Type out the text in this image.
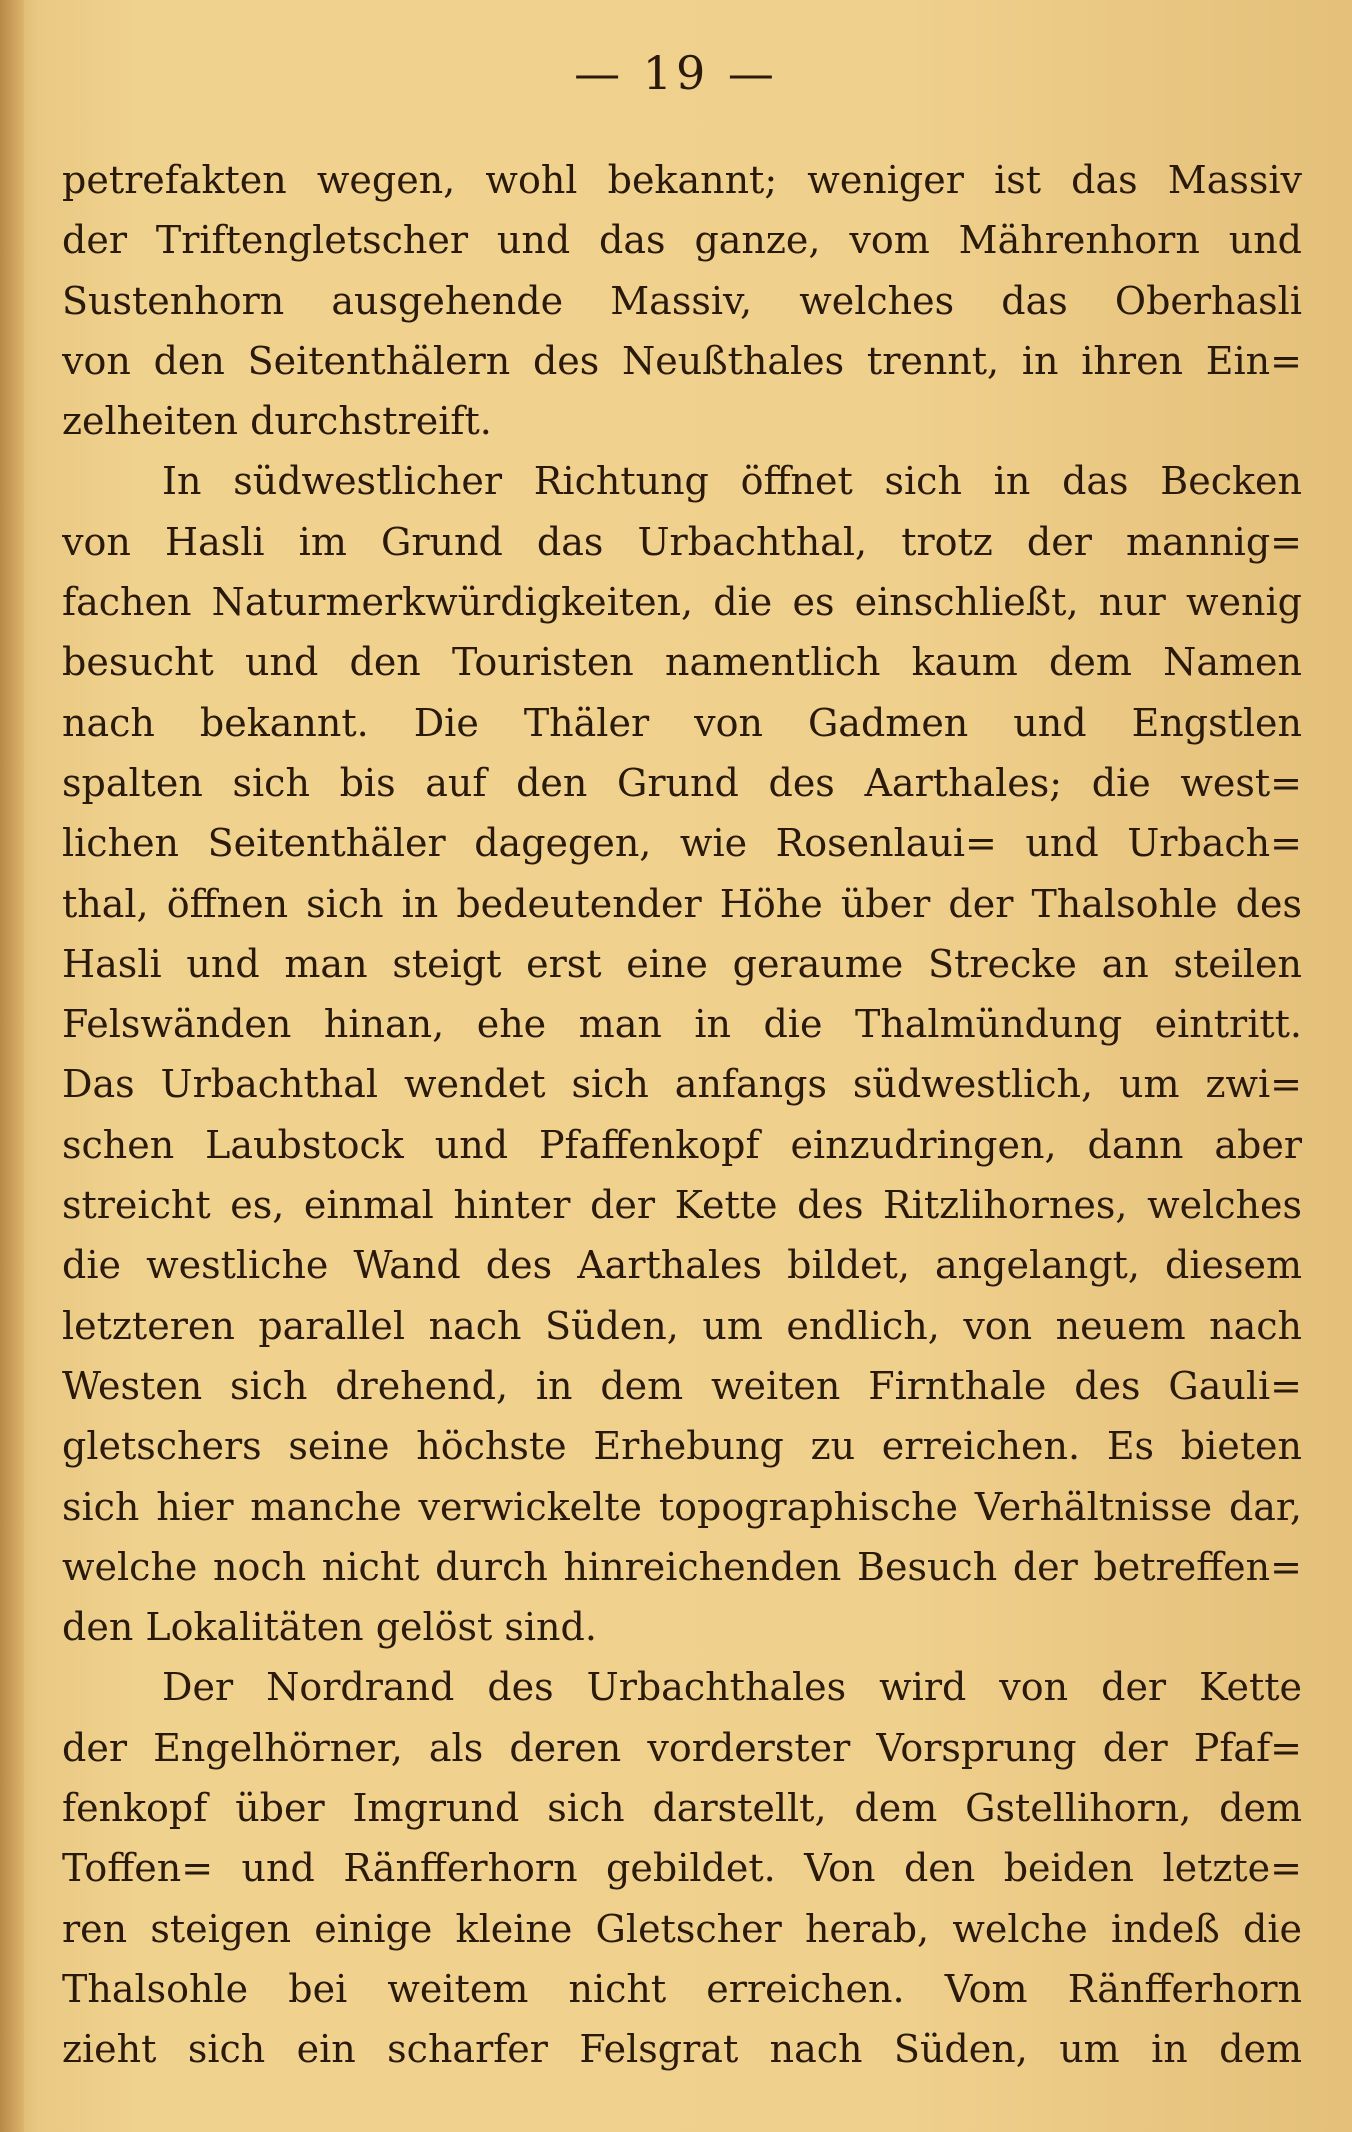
— 19 —
petrefakten wegen, wohl bekannt; weniger ist das Massiv
der Triftengletscher und das ganze, vom Mährenhorn und
Sustenhorn ausgehende Massiv, welches das Oberhasli
von den Seitenthälern des Neußthales trennt, in ihren Ein=
zelheiten durchstreift.
In südwestlicher Richtung öffnet sich in das Becken
von Hasli im Grund das Urbachthal, trotz der mannig=
fachen Naturmerkwürdigkeiten, die es einschließt, nur wenig
besucht und den Touristen namentlich kaum dem Namen
nach bekannt. Die Thäler von Gadmen und Engstlen
spalten sich bis auf den Grund des Aarthales; die west=
lichen Seitenthäler dagegen, wie Rosenlaui= und Urbach=
thal, öffnen sich in bedeutender Höhe über der Thalsohle des
Hasli und man steigt erst eine geraume Strecke an steilen
Felswänden hinan, ehe man in die Thalmündung eintritt.
Das Urbachthal wendet sich anfangs südwestlich, um zwi=
schen Laubstock und Pfaffenkopf einzudringen, dann aber
streicht es, einmal hinter der Kette des Ritzlihornes, welches
die westliche Wand des Aarthales bildet, angelangt, diesem
letzteren parallel nach Süden, um endlich, von neuem nach
Westen sich drehend, in dem weiten Firnthale des Gauli=
gletschers seine höchste Erhebung zu erreichen. Es bieten
sich hier manche verwickelte topographische Verhältnisse dar,
welche noch nicht durch hinreichenden Besuch der betreffen=
den Lokalitäten gelöst sind.
Der Nordrand des Urbachthales wird von der Kette
der Engelhörner, als deren vorderster Vorsprung der Pfaf=
fenkopf über Imgrund sich darstellt, dem Gstellihorn, dem
Toffen= und Ränfferhorn gebildet. Von den beiden letzte=
ren steigen einige kleine Gletscher herab, welche indeß die
Thalsohle bei weitem nicht erreichen. Vom Ränfferhorn
zieht sich ein scharfer Felsgrat nach Süden, um in dem
